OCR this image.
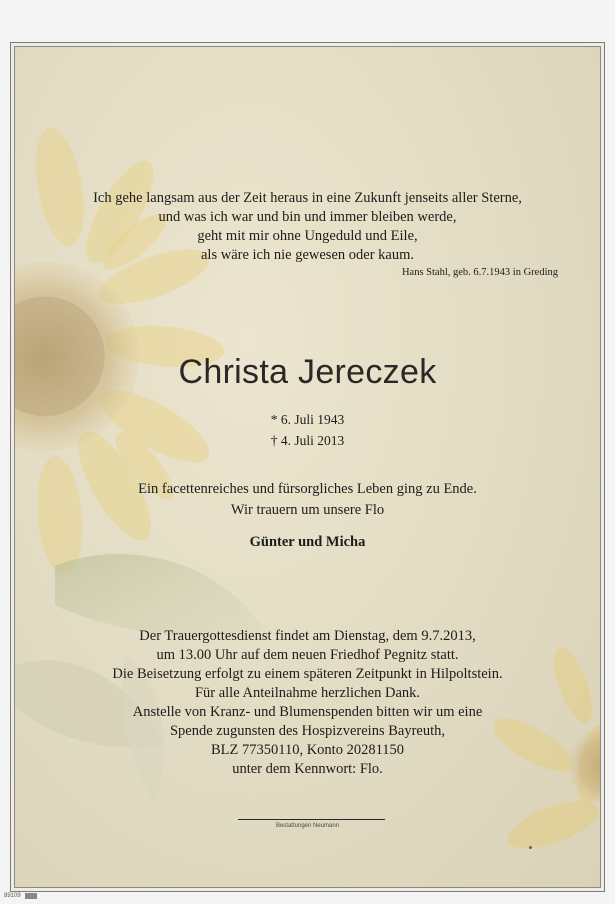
Ich gehe langsam aus der Zeit heraus in eine Zukunft jenseits aller Sterne,
und was ich war und bin und immer bleiben werde,
geht mit mir ohne Ungeduld und Eile,
als wäre ich nie gewesen oder kaum.
Hans Stahl, geb. 6.7.1943 in Greding
Christa Jereczek
* 6. Juli 1943
† 4. Juli 2013
Ein facettenreiches und fürsorgliches Leben ging zu Ende.
Wir trauern um unsere Flo
Günter und Micha
Der Trauergottesdienst findet am Dienstag, dem 9.7.2013,
um 13.00 Uhr auf dem neuen Friedhof Pegnitz statt.
Die Beisetzung erfolgt zu einem späteren Zeitpunkt in Hilpoltstein.
Für alle Anteilnahme herzlichen Dank.
Anstelle von Kranz- und Blumenspenden bitten wir um eine
Spende zugunsten des Hospizvereins Bayreuth,
BLZ 77350110, Konto 20281150
unter dem Kennwort: Flo.
Bestattungen Neumann
89109
